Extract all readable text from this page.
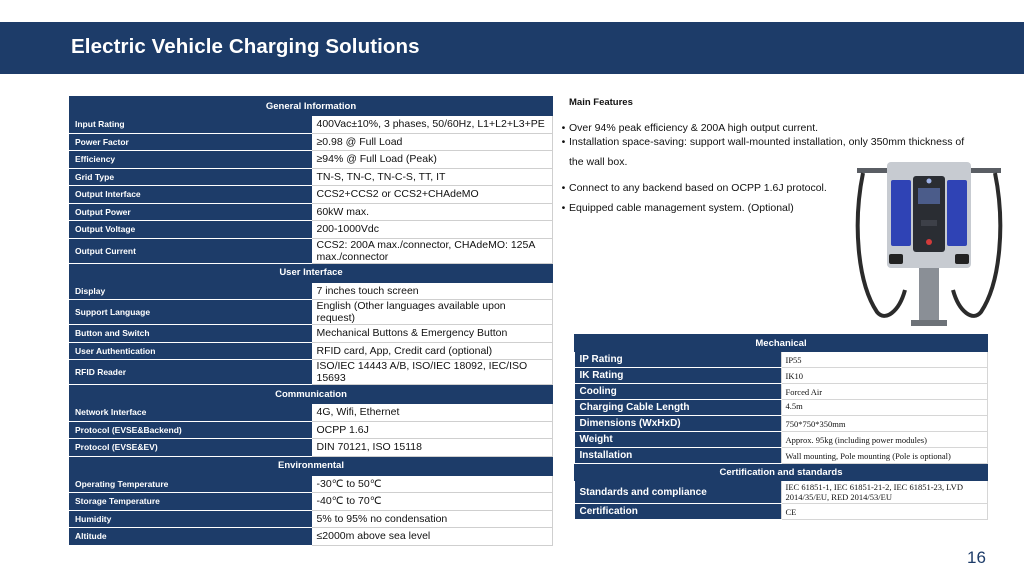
Electric Vehicle Charging Solutions
General Information	
Input Rating	400Vac±10%, 3 phases, 50/60Hz, L1+L2+L3+PE
Power Factor	≥0.98 @ Full Load
Efficiency	≥94% @ Full Load (Peak)
Grid Type	TN-S, TN-C, TN-C-S, TT, IT
Output Interface	CCS2+CCS2 or CCS2+CHAdeMO
Output Power	60kW max.
Output Voltage	200-1000Vdc
Output Current	CCS2: 200A max./connector, CHAdeMO: 125A max./connector
User Interface	
Display	7 inches touch screen
Support Language	English (Other languages available upon request)
Button and Switch	Mechanical Buttons & Emergency Button
User Authentication	RFID card, App, Credit card (optional)
RFID Reader	ISO/IEC 14443 A/B, ISO/IEC 18092, IEC/ISO 15693
Communication	
Network Interface	4G, Wifi, Ethernet
Protocol (EVSE&Backend)	OCPP 1.6J
Protocol (EVSE&EV)	DIN 70121, ISO 15118
Environmental	
Operating Temperature	-30℃ to 50℃
Storage Temperature	-40℃ to 70℃
Humidity	5% to 95% no condensation
Altitude	≤2000m above sea level
Main Features
• Over 94% peak efficiency & 200A high output current.
• Installation space-saving: support wall-mounted installation, only 350mm thickness of
the wall box.
• Connect to any backend based on OCPP 1.6J protocol.
• Equipped cable management system. (Optional)
Mechanical	
IP Rating	IP55
IK Rating	IK10
Cooling	Forced Air
Charging Cable Length	4.5m
Dimensions (WxHxD)	750*750*350mm
Weight	Approx. 95kg (including power modules)
Installation	Wall mounting, Pole mounting (Pole is optional)
Certification and standards	
Standards and compliance	IEC 61851-1, IEC 61851-21-2, IEC 61851-23, LVD 2014/35/EU, RED 2014/53/EU
Certification	CE
16
